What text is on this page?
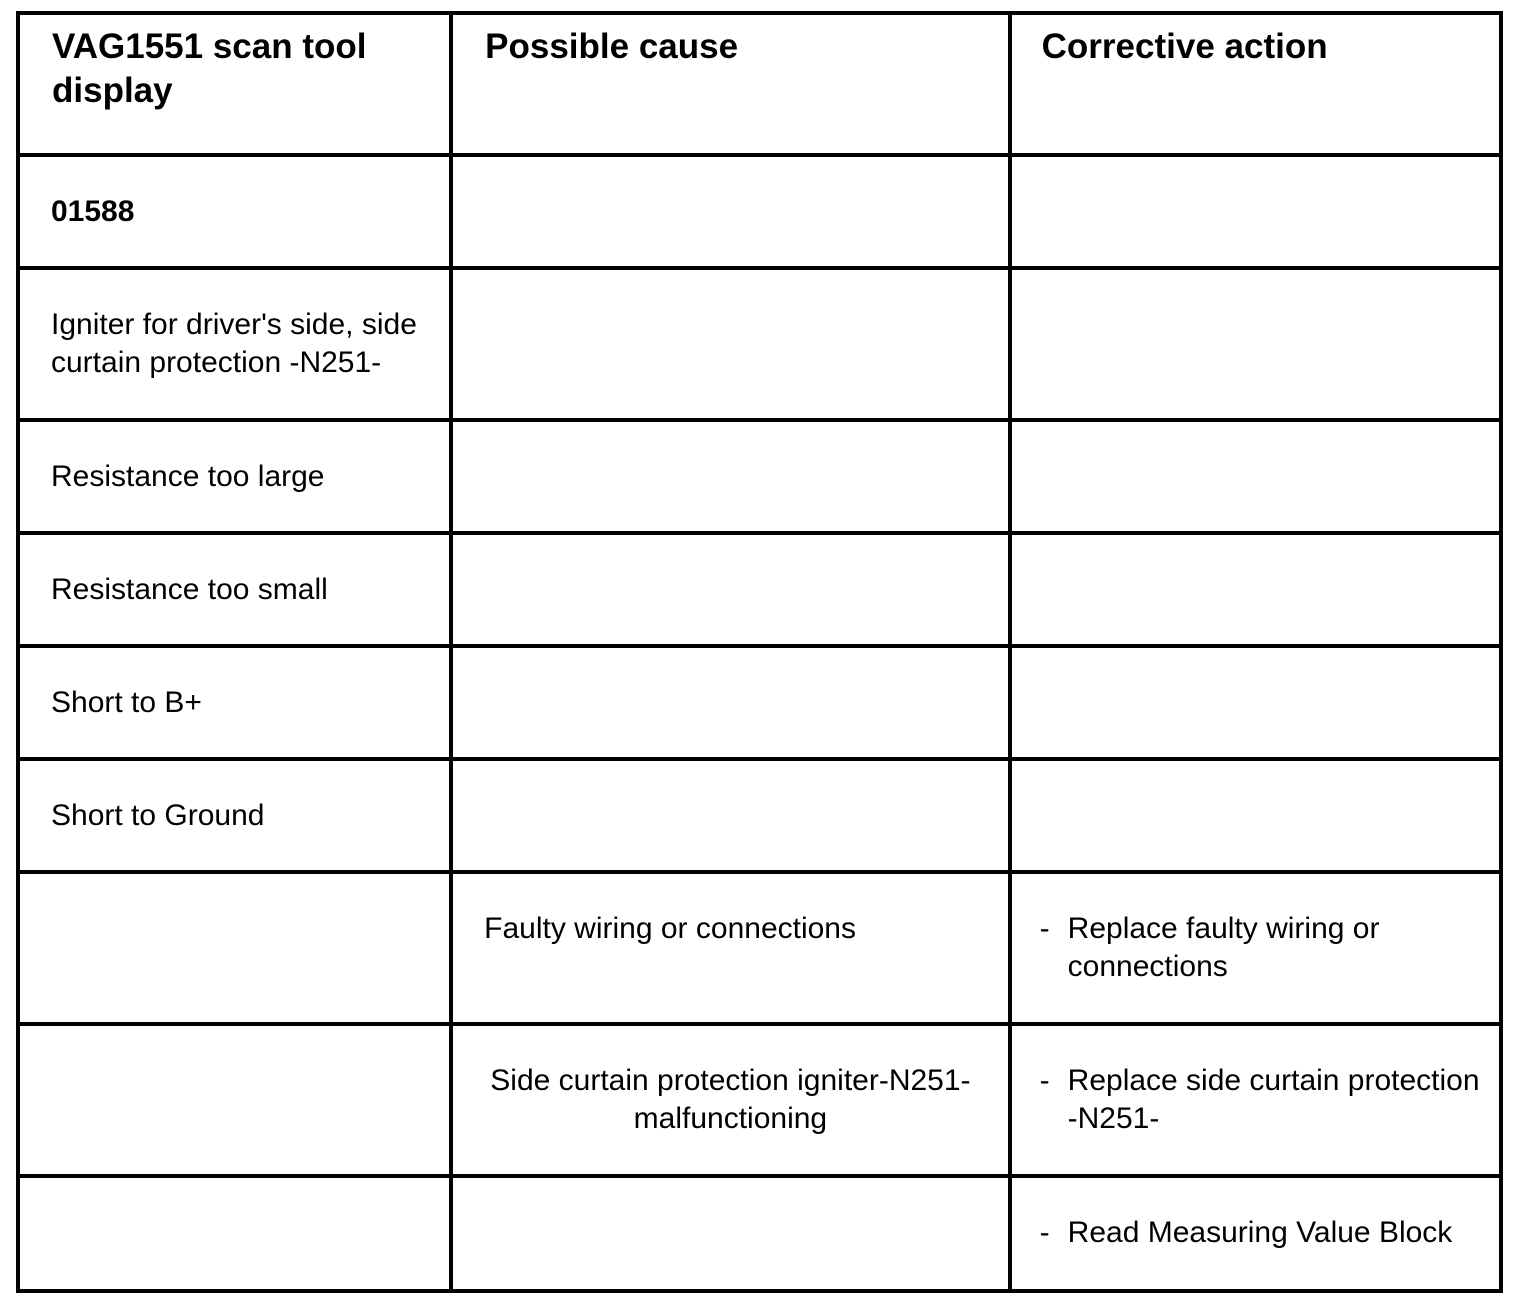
VAG1551 scan tool display	Possible cause	Corrective action

01588		

Igniter for driver's side, side curtain protection -N251-		

Resistance too large		

Resistance too small		

Short to B+		

Short to Ground		

	Faulty wiring or connections	- Replace faulty wiring or connections

	Side curtain protection igniter-N251- malfunctioning	- Replace side curtain protection -N251-

		- Read Measuring Value Block
